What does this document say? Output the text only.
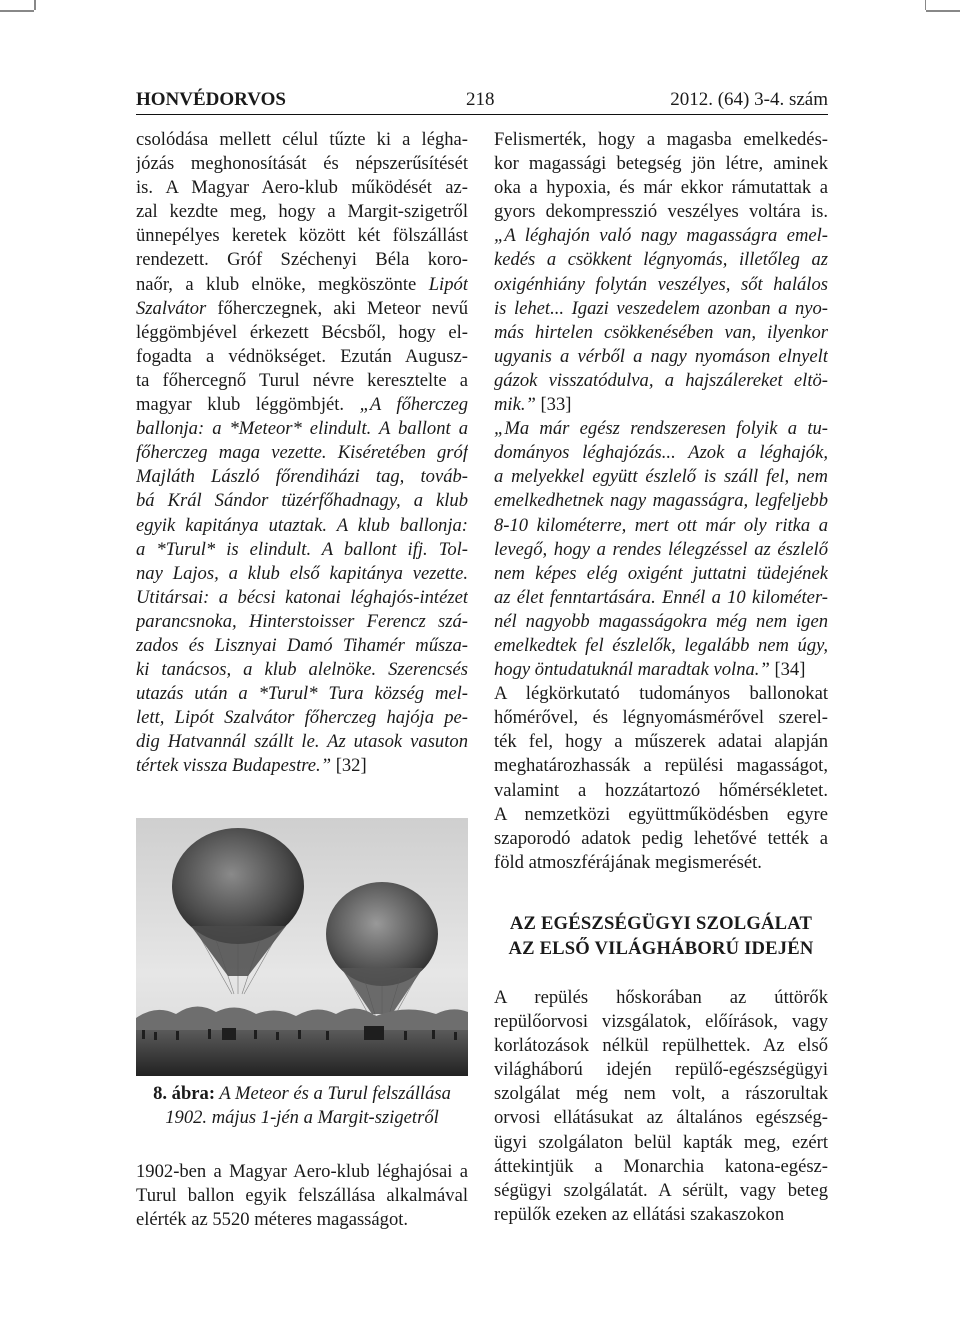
HONVÉDORVOS	218	2012. (64) 3-4. szám
csolódása mellett célul tűzte ki a légha-
józás meghonosítását és népszerűsítését
is. A Magyar Aero-klub működését az-
zal kezdte meg, hogy a Margit-szigetről
ünnepélyes keretek között két fölszállást
rendezett. Gróf Széchenyi Béla koro-
naőr, a klub elnöke, megköszönte Lipót
Szalvátor főherczegnek, aki Meteor nevű
léggömbjével érkezett Bécsből, hogy el-
fogadta a védnökséget. Ezután Augusz-
ta főhercegnő Turul névre keresztelte a
magyar klub léggömbjét. „A főherczeg
ballonja: a *Meteor* elindult. A ballont a
főherczeg maga vezette. Kiséretében gróf
Majláth László főrendiházi tag, továb-
bá Král Sándor tüzérfőhadnagy, a klub
egyik kapitánya utaztak. A klub ballonja:
a *Turul* is elindult. A ballont ifj. Tol-
nay Lajos, a klub első kapitánya vezette.
Utitársai: a bécsi katonai léghajós-intézet
parancsnoka, Hinterstoisser Ferencz szá-
zados és Lisznyai Damó Tihamér műsza-
ki tanácsos, a klub alelnöke. Szerencsés
utazás után a *Turul* Tura község mel-
lett, Lipót Szalvátor főherczeg hajója pe-
dig Hatvannál szállt le. Az utasok vasuton
tértek vissza Budapestre.” [32]
8. ábra: A Meteor és a Turul felszállása
1902. május 1-jén a Margit-szigetről
1902-ben a Magyar Aero-klub léghajósai a Turul ballon egyik felszállása alkalmával elérték az 5520 méteres magasságot.
Felismerték, hogy a magasba emelkedés-
kor magassági betegség jön létre, aminek
oka a hypoxia, és már ekkor rámutattak a
gyors dekompresszió veszélyes voltára is.
„A léghajón való nagy magasságra emel-
kedés a csökkent légnyomás, illetőleg az
oxigénhiány folytán veszélyes, sőt halálos
is lehet... Igazi veszedelem azonban a nyo-
más hirtelen csökkenésében van, ilyenkor
ugyanis a vérből a nagy nyomáson elnyelt
gázok visszatódulva, a hajszálereket eltö-
mik.” [33]
„Ma már egész rendszeresen folyik a tu-
dományos léghajózás... Azok a léghajók,
a melyekkel együtt észlelő is száll fel, nem
emelkedhetnek nagy magasságra, legfeljebb
8-10 kilométerre, mert ott már oly ritka a
levegő, hogy a rendes lélegzéssel az észlelő
nem képes elég oxigént juttatni tüdejének
az élet fenntartására. Ennél a 10 kilométer-
nél nagyobb magasságokra még nem igen
emelkedtek fel észlelők, legalább nem úgy,
hogy öntudatuknál maradtak volna.” [34]
A légkörkutató tudományos ballonokat
hőmérővel, és légnyomásmérővel szerel-
ték fel, hogy a műszerek adatai alapján
meghatározhassák a repülési magasságot,
valamint a hozzátartozó hőmérsékletet.
A nemzetközi együttműködésben egyre
szaporodó adatok pedig lehetővé tették a
föld atmoszférájának megismerését.
AZ EGÉSZSÉGÜGYI SZOLGÁLAT
AZ ELSŐ VILÁGHÁBORÚ IDEJÉN
A repülés hőskorában az úttörők
repülőorvosi vizsgálatok, előírások, vagy
korlátozások nélkül repülhettek. Az első
világháború idején repülő-egészségügyi
szolgálat még nem volt, a rászorultak
orvosi ellátásukat az általános egészség-
ügyi szolgálaton belül kapták meg, ezért
áttekintjük a Monarchia katona-egész-
ségügyi szolgálatát. A sérült, vagy beteg
repülők ezeken az ellátási szakaszokon
